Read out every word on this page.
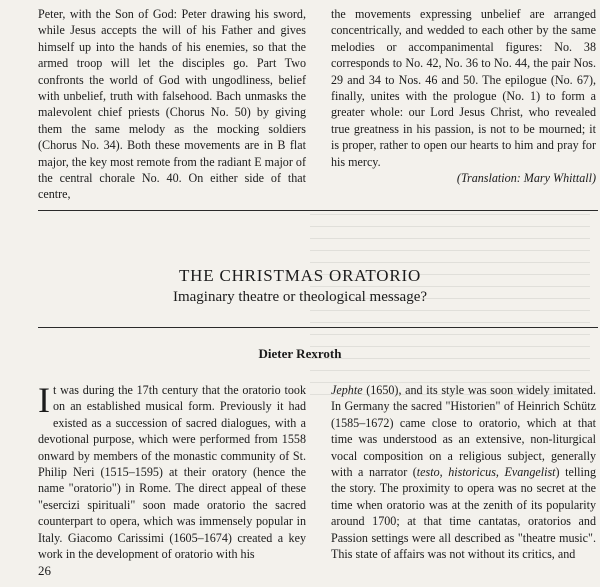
Peter, with the Son of God: Peter drawing his sword, while Jesus accepts the will of his Father and gives himself up into the hands of his enemies, so that the armed troop will let the disciples go. Part Two confronts the world of God with ungodliness, belief with unbelief, truth with falsehood. Bach unmasks the malevolent chief priests (Chorus No. 50) by giving them the same melody as the mocking soldiers (Chorus No. 34). Both these movements are in B flat major, the key most remote from the radiant E major of the central chorale No. 40. On either side of that centre,

the movements expressing unbelief are arranged concentrically, and wedded to each other by the same melodies or accompanimental figures: No. 38 corresponds to No. 42, No. 36 to No. 44, the pair Nos. 29 and 34 to Nos. 46 and 50. The epilogue (No. 67), finally, unites with the prologue (No. 1) to form a greater whole: our Lord Jesus Christ, who revealed true greatness in his passion, is not to be mourned; it is proper, rather to open our hearts to him and pray for his mercy.

(Translation: Mary Whittall)

THE CHRISTMAS ORATORIO
Imaginary theatre or theological message?
Dieter Rexroth

It was during the 17th century that the oratorio took on an established musical form. Previously it had existed as a succession of sacred dialogues, with a devotional purpose, which were performed from 1558 onward by members of the monastic community of St. Philip Neri (1515–1595) at their oratory (hence the name "oratorio") in Rome. The direct appeal of these "esercizi spirituali" soon made oratorio the sacred counterpart to opera, which was immensely popular in Italy. Giacomo Carissimi (1605–1674) created a key work in the development of oratorio with his

Jephte (1650), and its style was soon widely imitated. In Germany the sacred "Historien" of Heinrich Schütz (1585–1672) came close to oratorio, which at that time was understood as an extensive, non-liturgical vocal composition on a religious subject, generally with a narrator (testo, historicus, Evangelist) telling the story. The proximity to opera was no secret at the time when oratorio was at the zenith of its popularity around 1700; at that time cantatas, oratorios and Passion settings were all described as "theatre music". This state of affairs was not without its critics, and

26
